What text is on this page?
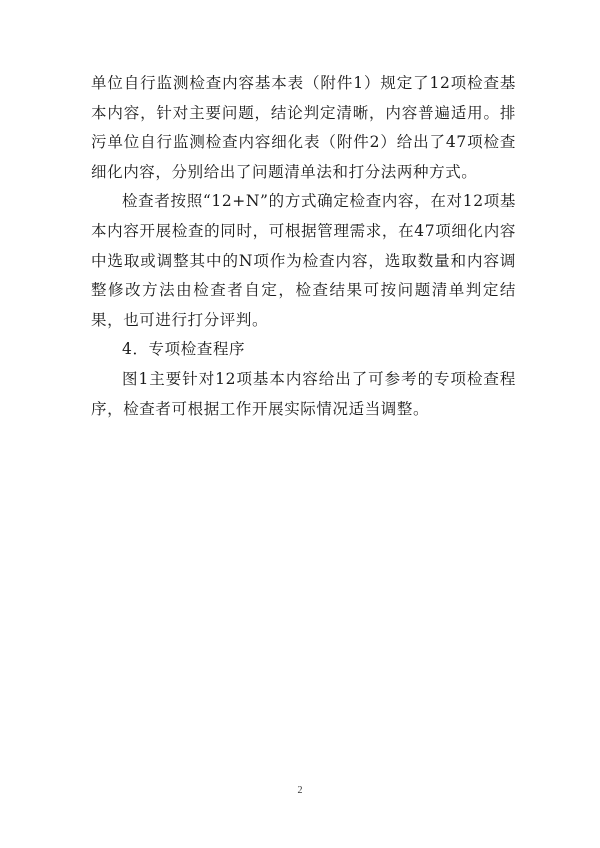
单位自行监测检查内容基本表（附件1）规定了12项检查基本内容，针对主要问题，结论判定清晰，内容普遍适用。排污单位自行监测检查内容细化表（附件2）给出了47项检查细化内容，分别给出了问题清单法和打分法两种方式。

检查者按照“12+N”的方式确定检查内容，在对12项基本内容开展检查的同时，可根据管理需求，在47项细化内容中选取或调整其中的N项作为检查内容，选取数量和内容调整修改方法由检查者自定，检查结果可按问题清单判定结果，也可进行打分评判。

4．专项检查程序

图1主要针对12项基本内容给出了可参考的专项检查程序，检查者可根据工作开展实际情况适当调整。

2
